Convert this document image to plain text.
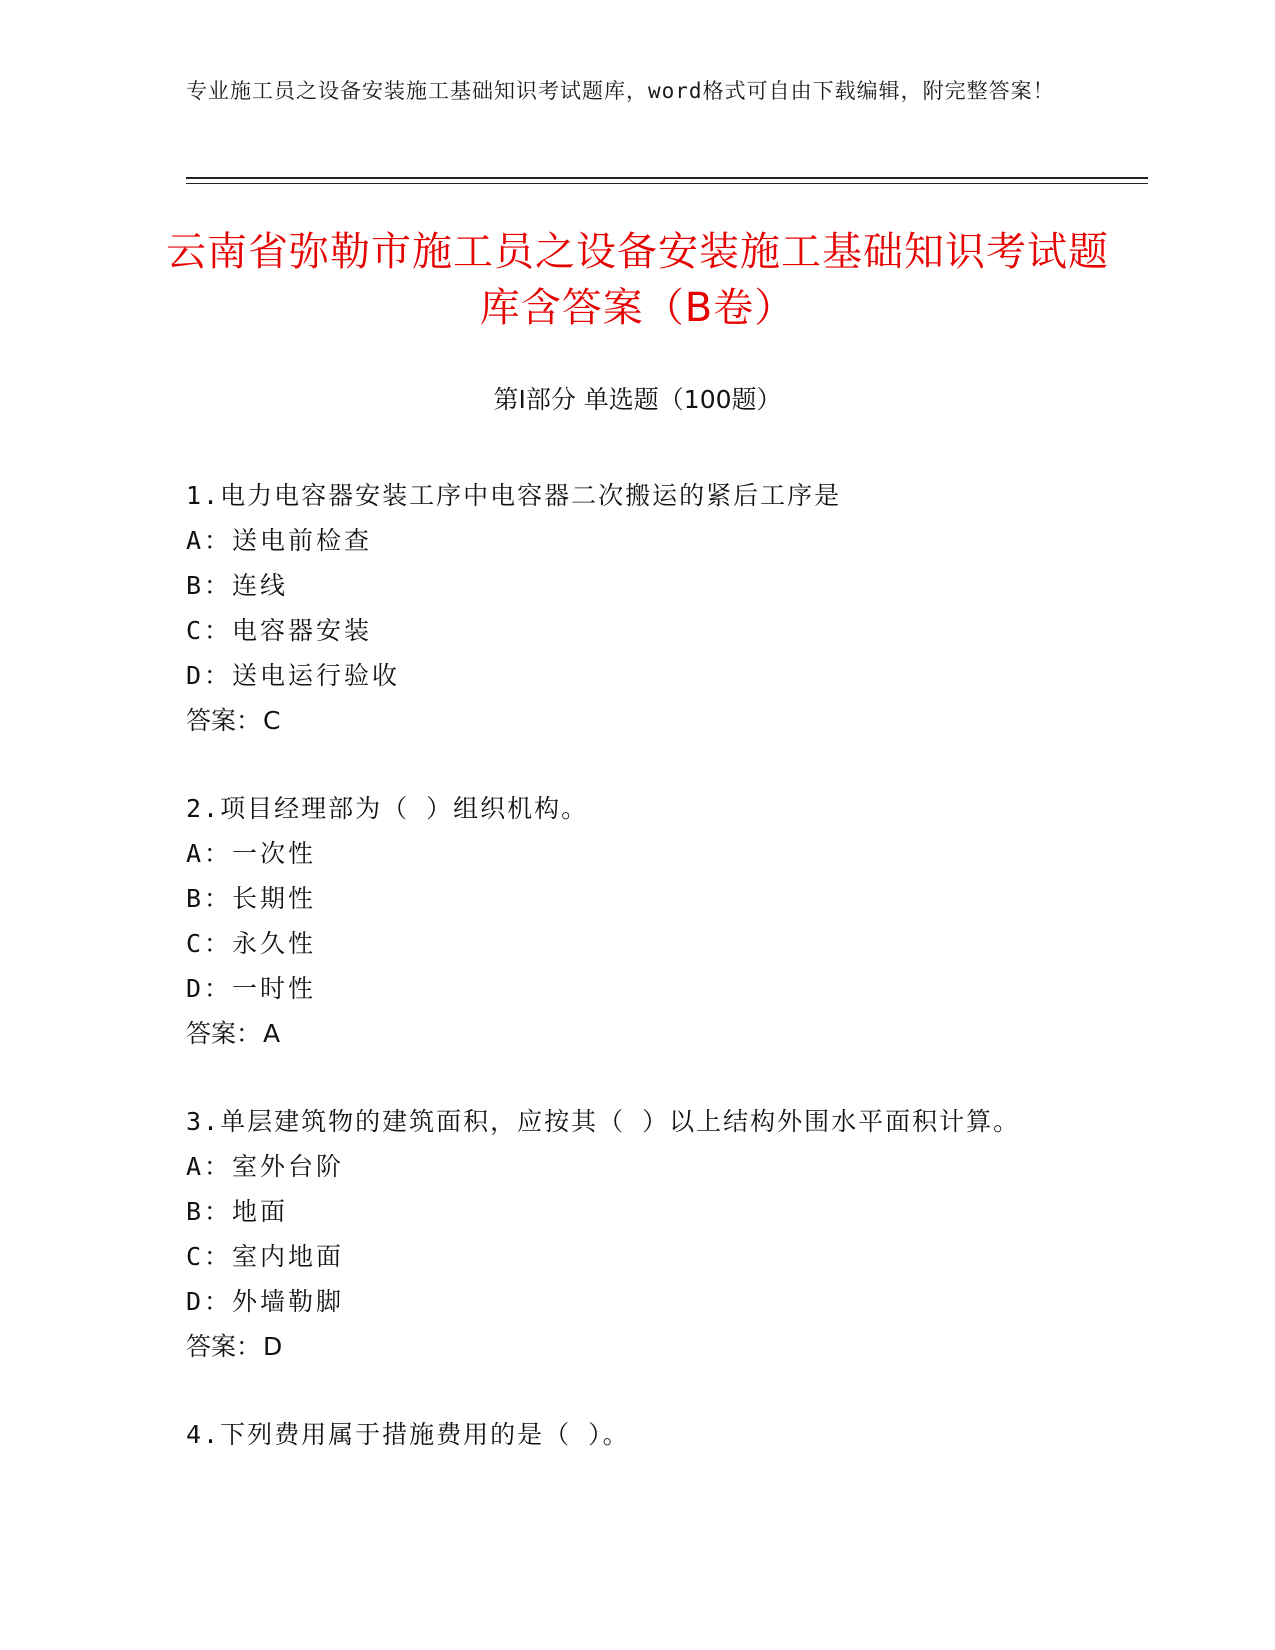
专业施工员之设备安装施工基础知识考试题库，word格式可自由下载编辑，附完整答案！
云南省弥勒市施工员之设备安装施工基础知识考试题库含答案（B卷）
第Ⅰ部分 单选题（100题）
1.电力电容器安装工序中电容器二次搬运的紧后工序是
A：送电前检查
B：连线
C：电容器安装
D：送电运行验收
答案：C
2.项目经理部为（ ）组织机构。
A：一次性
B：长期性
C：永久性
D：一时性
答案：A
3.单层建筑物的建筑面积，应按其（ ）以上结构外围水平面积计算。
A：室外台阶
B：地面
C：室内地面
D：外墙勒脚
答案：D
4.下列费用属于措施费用的是（ ）。
